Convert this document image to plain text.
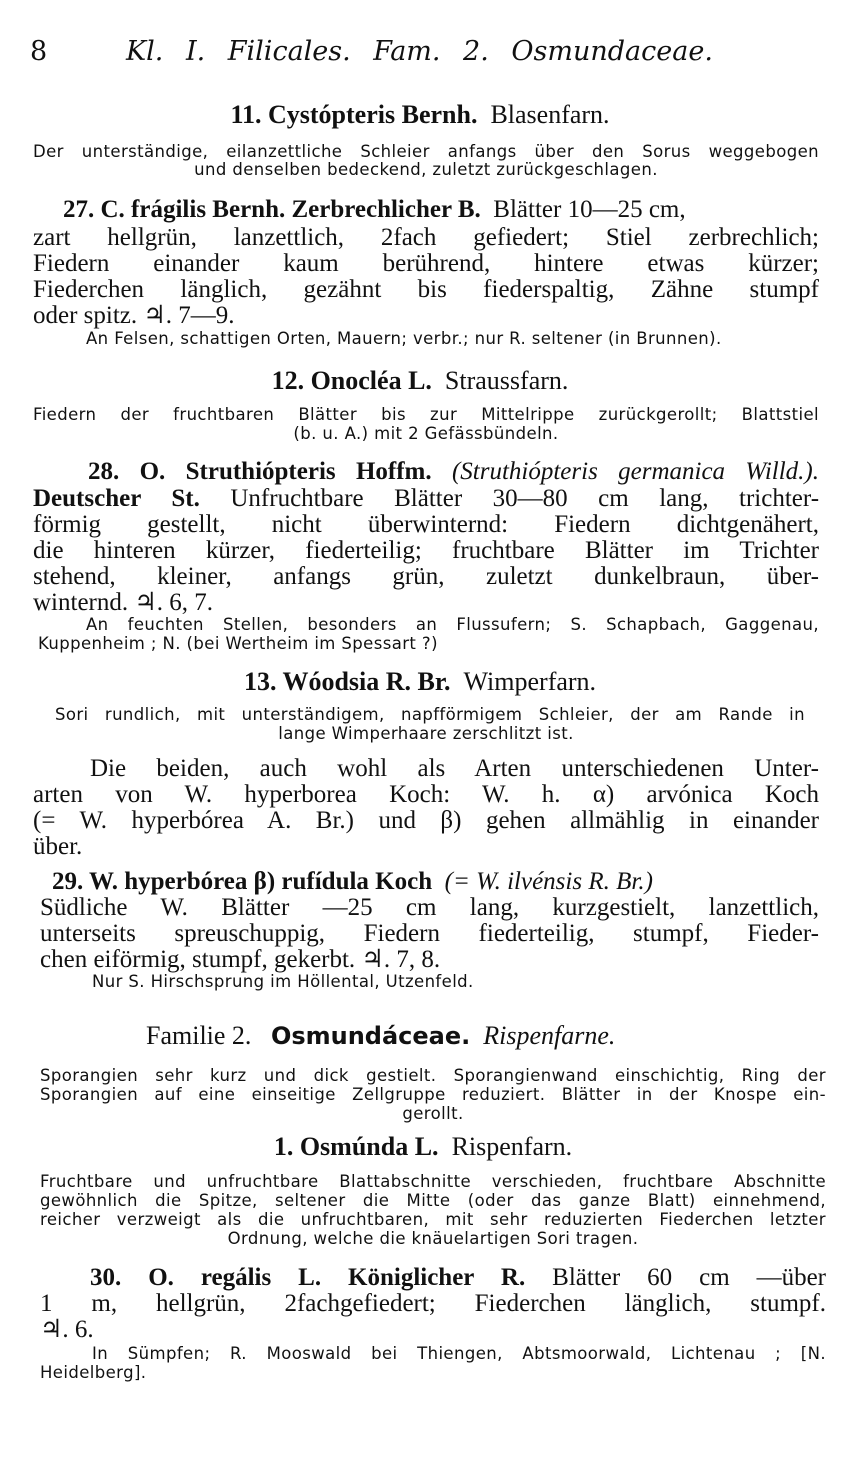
8	Kl. I. Filicales. Fam. 2. Osmundaceae.
11. Cystópteris Bernh. Blasenfarn.
Der unterständige, eilanzettliche Schleier anfangs über den Sorus weggebogen
und denselben bedeckend, zuletzt zurückgeschlagen.
27. C. frágilis Bernh. Zerbrechlicher B. Blätter 10—25 cm,
zart hellgrün, lanzettlich, 2fach gefiedert; Stiel zerbrechlich;
Fiedern einander kaum berührend, hintere etwas kürzer;
Fiederchen länglich, gezähnt bis fiederspaltig, Zähne stumpf
oder spitz. ♃. 7—9.
An Felsen, schattigen Orten, Mauern; verbr.; nur R. seltener (in Brunnen).
12. Onocléa L. Straussfarn.
Fiedern der fruchtbaren Blätter bis zur Mittelrippe zurückgerollt; Blattstiel
(b. u. A.) mit 2 Gefässbündeln.
28. O. Struthiópteris Hoffm. (Struthiópteris germanica Willd.).
Deutscher St. Unfruchtbare Blätter 30—80 cm lang, trichter-
förmig gestellt, nicht überwinternd: Fiedern dichtgenähert,
die hinteren kürzer, fiederteilig; fruchtbare Blätter im Trichter
stehend, kleiner, anfangs grün, zuletzt dunkelbraun, über-
winternd. ♃. 6, 7.
An feuchten Stellen, besonders an Flussufern; S. Schapbach, Gaggenau,
Kuppenheim ; N. (bei Wertheim im Spessart ?)
13. Wóodsia R. Br. Wimperfarn.
Sori rundlich, mit unterständigem, napfförmigem Schleier, der am Rande in
lange Wimperhaare zerschlitzt ist.
Die beiden, auch wohl als Arten unterschiedenen Unter-
arten von W. hyperborea Koch: W. h. α) arvónica Koch
(= W. hyperbórea A. Br.) und β) gehen allmählig in einander
über.
29. W. hyperbórea β) rufídula Koch (= W. ilvénsis R. Br.)
Südliche W. Blätter —25 cm lang, kurzgestielt, lanzettlich,
unterseits spreuschuppig, Fiedern fiederteilig, stumpf, Fieder-
chen eiförmig, stumpf, gekerbt. ♃. 7, 8.
Nur S. Hirschsprung im Höllental, Utzenfeld.
Familie 2. Osmundáceae. Rispenfarne.
Sporangien sehr kurz und dick gestielt. Sporangienwand einschichtig, Ring der
Sporangien auf eine einseitige Zellgruppe reduziert. Blätter in der Knospe ein-
gerollt.
1. Osmúnda L. Rispenfarn.
Fruchtbare und unfruchtbare Blattabschnitte verschieden, fruchtbare Abschnitte
gewöhnlich die Spitze, seltener die Mitte (oder das ganze Blatt) einnehmend,
reicher verzweigt als die unfruchtbaren, mit sehr reduzierten Fiederchen letzter
Ordnung, welche die knäuelartigen Sori tragen.
30. O. regális L. Königlicher R. Blätter 60 cm —über
1 m, hellgrün, 2fachgefiedert; Fiederchen länglich, stumpf.
♃. 6.
In Sümpfen; R. Mooswald bei Thiengen, Abtsmoorwald, Lichtenau ; [N.
Heidelberg].
